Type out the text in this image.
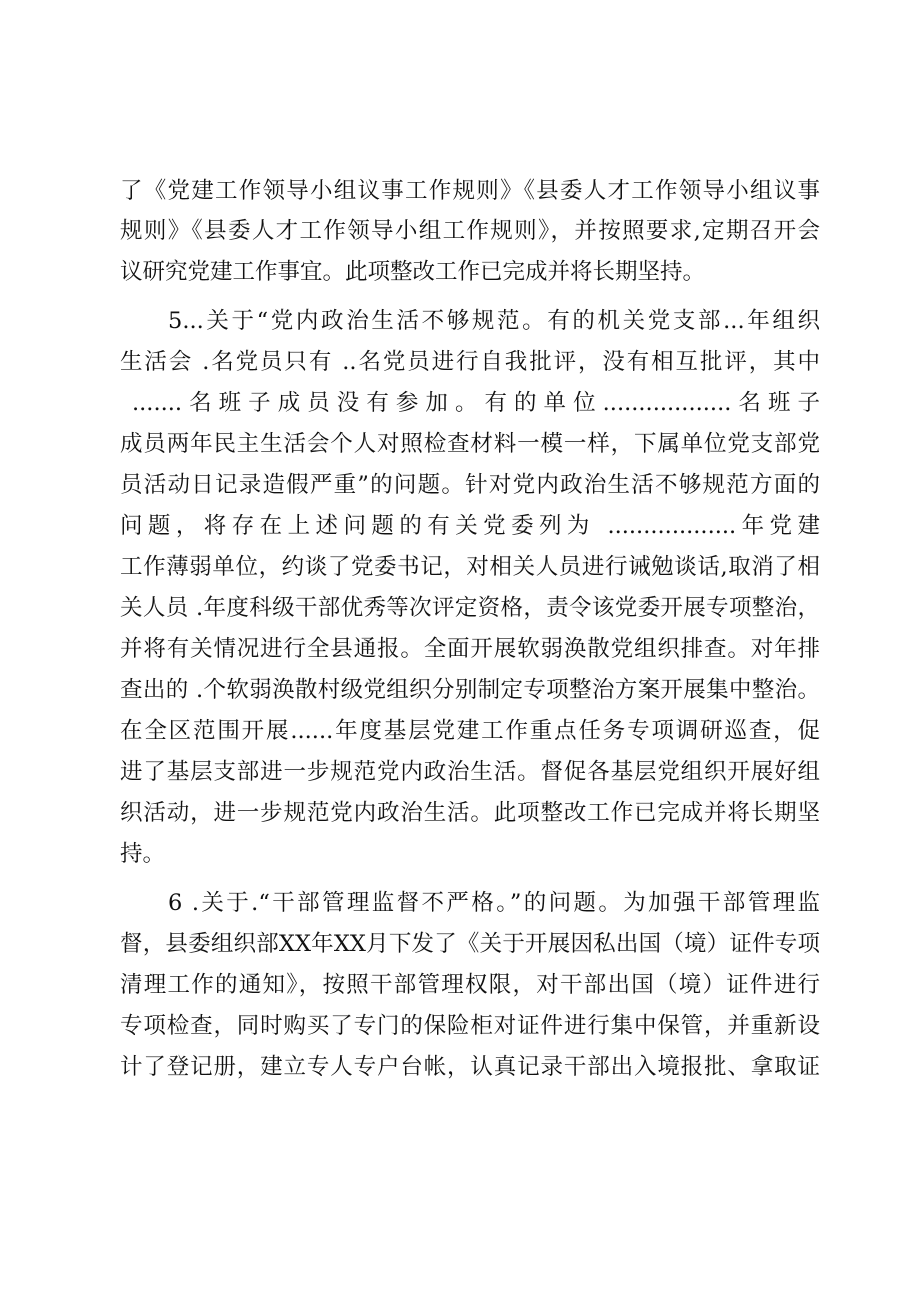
了《党建工作领导小组议事工作规则》《县委人才工作领导小组议事
规则》《县委人才工作领导小组工作规则》，并按照要求,定期召开会
议研究党建工作事宜。此项整改工作已完成并将长期坚持。
5...关于“党内政治生活不够规范。有的机关党支部...年组织
生活会 .名党员只有 ..名党员进行自我批评，没有相互批评，其中
.......名班子成员没有参加。有的单位..................名班子
成员两年民主生活会个人对照检查材料一模一样，下属单位党支部党
员活动日记录造假严重”的问题。针对党内政治生活不够规范方面的
问题，将存在上述问题的有关党委列为 ..................年党建
工作薄弱单位，约谈了党委书记，对相关人员进行诫勉谈话,取消了相
关人员 .年度科级干部优秀等次评定资格，责令该党委开展专项整治，
并将有关情况进行全县通报。全面开展软弱涣散党组织排查。对年排
查出的 .个软弱涣散村级党组织分别制定专项整治方案开展集中整治。
在全区范围开展......年度基层党建工作重点任务专项调研巡查，促
进了基层支部进一步规范党内政治生活。督促各基层党组织开展好组
织活动，进一步规范党内政治生活。此项整改工作已完成并将长期坚
持。
6 .关于.“干部管理监督不严格。”的问题。为加强干部管理监
督，县委组织部XX年XX月下发了《关于开展因私出国（境）证件专项
清理工作的通知》，按照干部管理权限，对干部出国（境）证件进行
专项检查，同时购买了专门的保险柜对证件进行集中保管，并重新设
计了登记册，建立专人专户台帐，认真记录干部出入境报批、拿取证
